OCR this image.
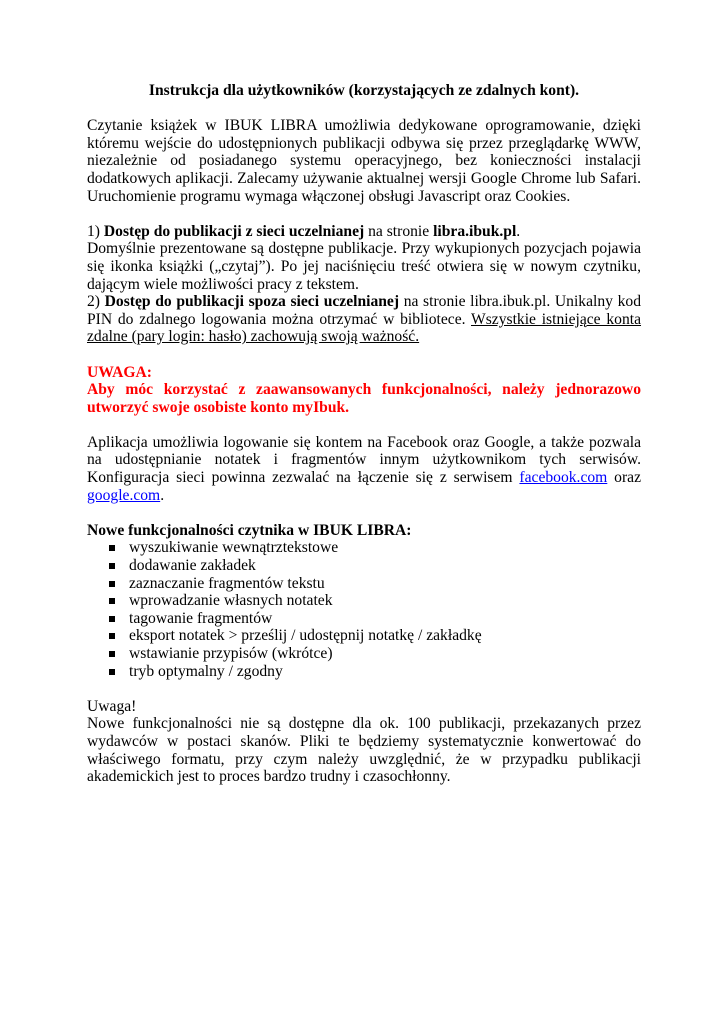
Instrukcja dla użytkowników (korzystających ze zdalnych kont).

Czytanie książek w IBUK LIBRA umożliwia dedykowane oprogramowanie, dzięki któremu wejście do udostępnionych publikacji odbywa się przez przeglądarkę WWW, niezależnie od posiadanego systemu operacyjnego, bez konieczności instalacji dodatkowych aplikacji. Zalecamy używanie aktualnej wersji Google Chrome lub Safari. Uruchomienie programu wymaga włączonej obsługi Javascript oraz Cookies.

1) Dostęp do publikacji z sieci uczelnianej na stronie libra.ibuk.pl.

Domyślnie prezentowane są dostępne publikacje. Przy wykupionych pozycjach pojawia się ikonka książki („czytaj”). Po jej naciśnięciu treść otwiera się w nowym czytniku, dającym wiele możliwości pracy z tekstem.

2) Dostęp do publikacji spoza sieci uczelnianej na stronie libra.ibuk.pl. Unikalny kod PIN do zdalnego logowania można otrzymać w bibliotece. Wszystkie istniejące konta zdalne (pary login: hasło) zachowują swoją ważność.

UWAGA:

Aby móc korzystać z zaawansowanych funkcjonalności, należy jednorazowo utworzyć swoje osobiste konto myIbuk.

Aplikacja umożliwia logowanie się kontem na Facebook oraz Google, a także pozwala na udostępnianie notatek i fragmentów innym użytkownikom tych serwisów. Konfiguracja sieci powinna zezwalać na łączenie się z serwisem facebook.com oraz google.com.

Nowe funkcjonalności czytnika w IBUK LIBRA:

wyszukiwanie wewnątrztekstowe
dodawanie zakładek
zaznaczanie fragmentów tekstu
wprowadzanie własnych notatek
tagowanie fragmentów
eksport notatek > prześlij / udostępnij notatkę / zakładkę
wstawianie przypisów (wkrótce)
tryb optymalny / zgodny

Uwaga!

Nowe funkcjonalności nie są dostępne dla ok. 100 publikacji, przekazanych przez wydawców w postaci skanów. Pliki te będziemy systematycznie konwertować do właściwego formatu, przy czym należy uwzględnić, że w przypadku publikacji akademickich jest to proces bardzo trudny i czasochłonny.
